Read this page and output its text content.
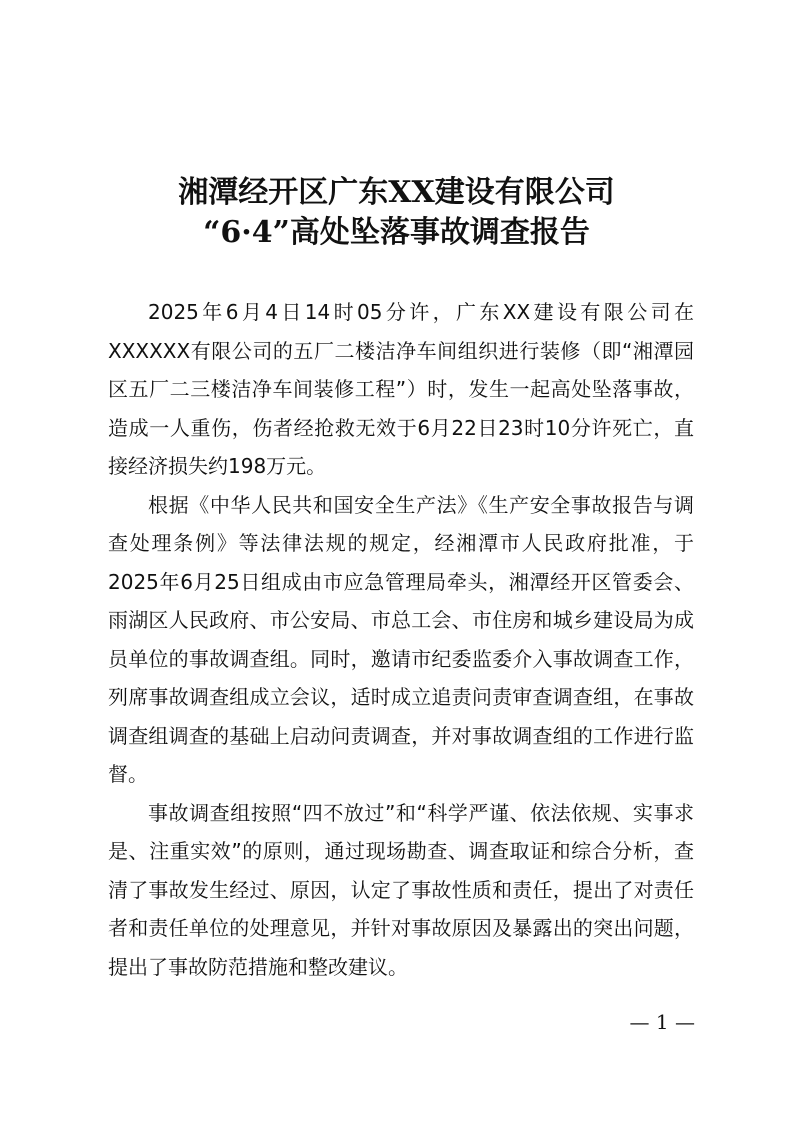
湘潭经开区广东XX建设有限公司
“6·4”高处坠落事故调查报告

2025年6月4日14时05分许，广东XX建设有限公司在XXXXXX有限公司的五厂二楼洁净车间组织进行装修（即“湘潭园区五厂二三楼洁净车间装修工程”）时，发生一起高处坠落事故，造成一人重伤，伤者经抢救无效于6月22日23时10分许死亡，直接经济损失约198万元。

根据《中华人民共和国安全生产法》《生产安全事故报告与调查处理条例》等法律法规的规定，经湘潭市人民政府批准，于2025年6月25日组成由市应急管理局牵头，湘潭经开区管委会、雨湖区人民政府、市公安局、市总工会、市住房和城乡建设局为成员单位的事故调查组。同时，邀请市纪委监委介入事故调查工作，列席事故调查组成立会议，适时成立追责问责审查调查组，在事故调查组调查的基础上启动问责调查，并对事故调查组的工作进行监督。

事故调查组按照“四不放过”和“科学严谨、依法依规、实事求是、注重实效”的原则，通过现场勘查、调查取证和综合分析，查清了事故发生经过、原因，认定了事故性质和责任，提出了对责任者和责任单位的处理意见，并针对事故原因及暴露出的突出问题，提出了事故防范措施和整改建议。

— 1 —
